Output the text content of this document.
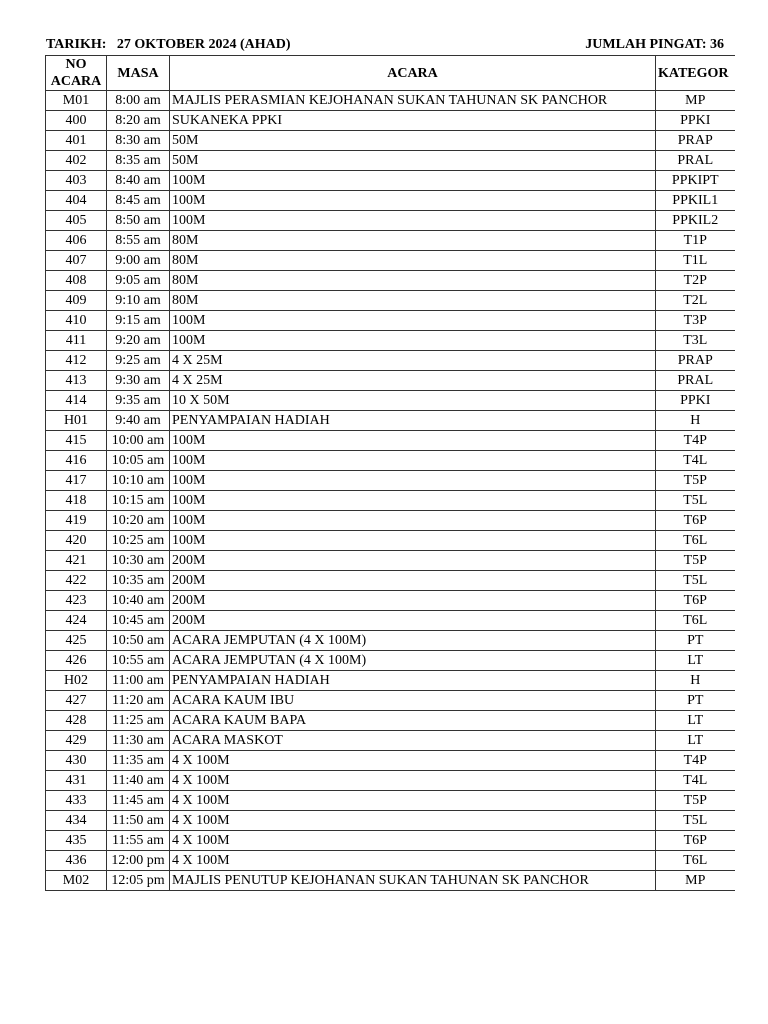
TARIKH:   27 OKTOBER 2024 (AHAD)	JUMLAH PINGAT: 36
NO
ACARA	MASA	ACARA	KATEGOR
M01	8:00 am	MAJLIS PERASMIAN KEJOHANAN SUKAN TAHUNAN SK PANCHOR	MP
400	8:20 am	SUKANEKA PPKI	PPKI
401	8:30 am	50M	PRAP
402	8:35 am	50M	PRAL
403	8:40 am	100M	PPKIPT
404	8:45 am	100M	PPKIL1
405	8:50 am	100M	PPKIL2
406	8:55 am	80M	T1P
407	9:00 am	80M	T1L
408	9:05 am	80M	T2P
409	9:10 am	80M	T2L
410	9:15 am	100M	T3P
411	9:20 am	100M	T3L
412	9:25 am	4 X 25M	PRAP
413	9:30 am	4 X 25M	PRAL
414	9:35 am	10 X 50M	PPKI
H01	9:40 am	PENYAMPAIAN HADIAH	H
415	10:00 am	100M	T4P
416	10:05 am	100M	T4L
417	10:10 am	100M	T5P
418	10:15 am	100M	T5L
419	10:20 am	100M	T6P
420	10:25 am	100M	T6L
421	10:30 am	200M	T5P
422	10:35 am	200M	T5L
423	10:40 am	200M	T6P
424	10:45 am	200M	T6L
425	10:50 am	ACARA JEMPUTAN (4 X 100M)	PT
426	10:55 am	ACARA JEMPUTAN (4 X 100M)	LT
H02	11:00 am	PENYAMPAIAN HADIAH	H
427	11:20 am	ACARA KAUM IBU	PT
428	11:25 am	ACARA KAUM BAPA	LT
429	11:30 am	ACARA MASKOT	LT
430	11:35 am	4 X 100M	T4P
431	11:40 am	4 X 100M	T4L
433	11:45 am	4 X 100M	T5P
434	11:50 am	4 X 100M	T5L
435	11:55 am	4 X 100M	T6P
436	12:00 pm	4 X 100M	T6L
M02	12:05 pm	MAJLIS PENUTUP KEJOHANAN SUKAN TAHUNAN SK PANCHOR	MP
